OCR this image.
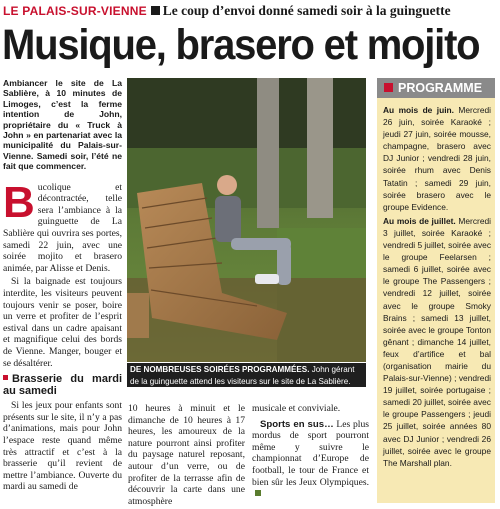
LE PALAIS-SUR-VIENNE Le coup d’envoi donné samedi soir à la guinguette
Musique, brasero et mojito
Ambiancer le site de La Sablière, à 10 minutes de Limoges, c’est la ferme intention de John, propriétaire du « Truck à John » en partenariat avec la municipalité du Palais-sur-Vienne. Samedi soir, l’été ne fait que commencer.
Bucolique et décontractée, telle sera l’ambiance à la guinguette de La Sablière qui ouvrira ses portes, samedi 22 juin, avec une soirée mojito et brasero animée, par Alisse et Denis.
Si la baignade est toujours interdite, les visiteurs peuvent toujours venir se poser, boire un verre et profiter de l’esprit estival dans un cadre apaisant et magnifique celui des bords de Vienne. Manger, bouger et se désaltérer.
Brasserie du mardi au samedi
Si les jeux pour enfants sont présents sur le site, il n’y a pas d’animations, mais pour John l’espace reste quand même très attractif et c’est à la brasserie qu’il revient de mettre l’ambiance. Ouverte du mardi au samedi de
DE NOMBREUSES SOIRÉES PROGRAMMÉES. John gérant de la guinguette attend les visiteurs sur le site de La Sablière.
10 heures à minuit et le dimanche de 10 heures à 17 heures, les amoureux de la nature pourront ainsi profiter du paysage naturel reposant, autour d’un verre, ou de profiter de la terrasse afin de découvrir la carte dans une atmosphère
musicale et conviviale.
Sports en sus… Les plus mordus de sport pourront même y suivre le championnat d’Europe de football, le tour de France et bien sûr les Jeux Olympiques.
PROGRAMME
Au mois de juin. Mercredi 26 juin, soirée Karaoké ; jeudi 27 juin, soirée mousse, champagne, brasero avec DJ Junior ; vendredi 28 juin, soirée rhum avec Denis Tatatin ; samedi 29 juin, soirée brasero avec le groupe Evidence.
Au mois de juillet. Mercredi 3 juillet, soirée Karaoké ; vendredi 5 juillet, soirée avec le groupe Feelarsen ; samedi 6 juillet, soirée avec le groupe The Passengers ; vendredi 12 juillet, soirée avec le groupe Smoky Brains ; samedi 13 juillet, soirée avec le groupe Tonton gênant ; dimanche 14 juillet, feux d’artifice et bal (organisation mairie du Palais-sur-Vienne) ; vendredi 19 juillet, soirée portugaise ; samedi 20 juillet, soirée avec le groupe Passengers ; jeudi 25 juillet, soirée années 80 avec DJ Junior ; vendredi 26 juillet, soirée avec le groupe The Marshall plan.
